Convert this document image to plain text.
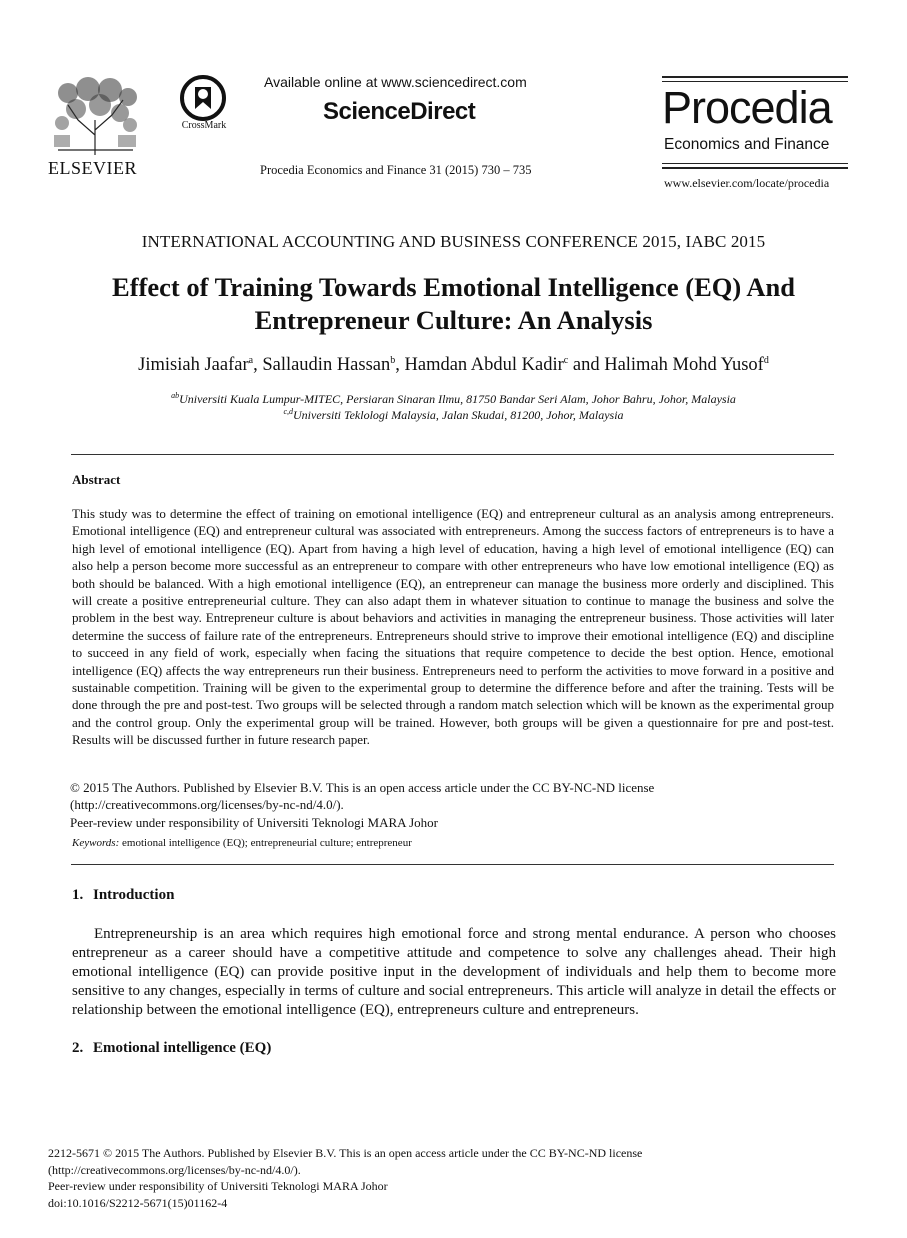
ELSEVIER
CrossMark
Available online at www.sciencedirect.com
ScienceDirect
Procedia Economics and Finance 31 (2015) 730 – 735
Procedia
Economics and Finance
www.elsevier.com/locate/procedia
INTERNATIONAL ACCOUNTING AND BUSINESS CONFERENCE 2015, IABC 2015
Effect of Training Towards Emotional Intelligence (EQ) And
Entrepreneur Culture: An Analysis
Jimisiah Jaafar$^a$, Sallaudin Hassan$^b$, Hamdan Abdul Kadir$^c$ and Halimah Mohd Yusof$^d$
$^{ab}$Universiti Kuala Lumpur-MITEC, Persiaran Sinaran Ilmu, 81750 Bandar Seri Alam, Johor Bahru, Johor, Malaysia
$^{c,d}$Universiti Teklologi Malaysia, Jalan Skudai, 81200, Johor, Malaysia
Abstract
This study was to determine the effect of training on emotional intelligence (EQ) and entrepreneur cultural as an analysis among entrepreneurs. Emotional intelligence (EQ) and entrepreneur cultural was associated with entrepreneurs. Among the success factors of entrepreneurs is to have a high level of emotional intelligence (EQ). Apart from having a high level of education, having a high level of emotional intelligence (EQ) can also help a person become more successful as an entrepreneur to compare with other entrepreneurs who have low emotional intelligence (EQ) as both should be balanced. With a high emotional intelligence (EQ), an entrepreneur can manage the business more orderly and disciplined. This will create a positive entrepreneurial culture. They can also adapt them in whatever situation to continue to manage the business and solve the problem in the best way. Entrepreneur culture is about behaviors and activities in managing the entrepreneur business. Those activities will later determine the success of failure rate of the entrepreneurs. Entrepreneurs should strive to improve their emotional intelligence (EQ) and discipline to succeed in any field of work, especially when facing the situations that require competence to decide the best option. Hence, emotional intelligence (EQ) affects the way entrepreneurs run their business. Entrepreneurs need to perform the activities to move forward in a positive and sustainable competition. Training will be given to the experimental group to determine the difference before and after the training. Tests will be done through the pre and post-test. Two groups will be selected through a random match selection which will be known as the experimental group and the control group. Only the experimental group will be trained. However, both groups will be given a questionnaire for pre and post-test. Results will be discussed further in future research paper.

© 2015 The Authors. Published by Elsevier B.V. This is an open access article under the CC BY-NC-ND license

(http://creativecommons.org/licenses/by-nc-nd/4.0/).

Peer-review under responsibility of Universiti Teknologi MARA Johor

Keywords: emotional intelligence (EQ); entrepreneurial culture; entrepreneur
1. Introduction
Entrepreneurship is an area which requires high emotional force and strong mental endurance. A person who chooses entrepreneur as a career should have a competitive attitude and competence to solve any challenges ahead. Their high emotional intelligence (EQ) can provide positive input in the development of individuals and help them to become more sensitive to any changes, especially in terms of culture and social entrepreneurs. This article will analyze in detail the effects or relationship between the emotional intelligence (EQ), entrepreneurs culture and entrepreneurs.
2. Emotional intelligence (EQ)

2212-5671 © 2015 The Authors. Published by Elsevier B.V. This is an open access article under the CC BY-NC-ND license

(http://creativecommons.org/licenses/by-nc-nd/4.0/).

Peer-review under responsibility of Universiti Teknologi MARA Johor

doi:10.1016/S2212-5671(15)01162-4
